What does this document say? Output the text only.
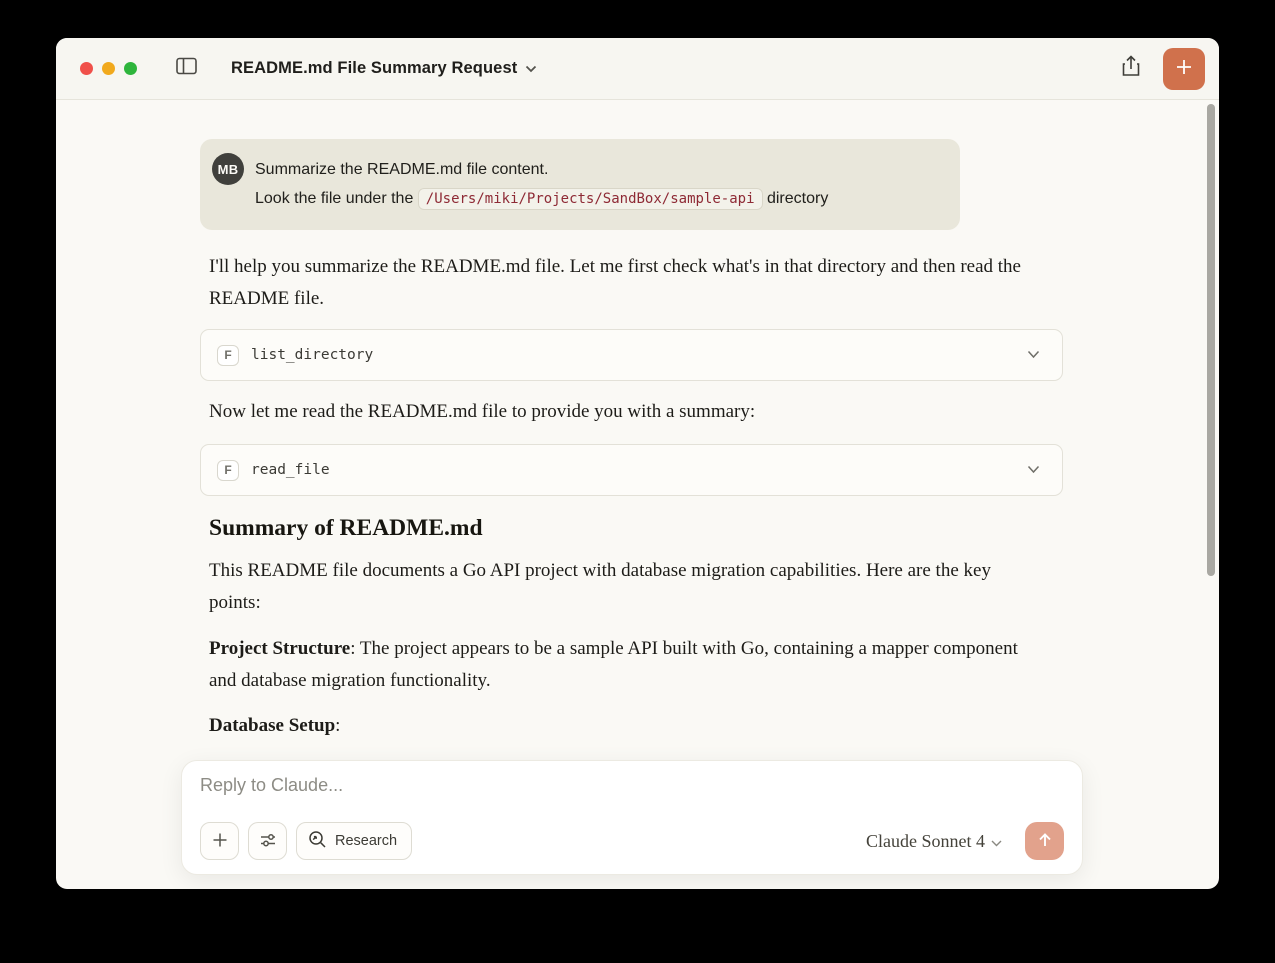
README.md File Summary Request
MB	Summarize the README.md file content.
Look the file under the /Users/miki/Projects/SandBox/sample-api directory

I'll help you summarize the README.md file. Let me first check what's in that directory and then read the README file.

F	list_directory

Now let me read the README.md file to provide you with a summary:

F	read_file
Summary of README.md

This README file documents a Go API project with database migration capabilities. Here are the key points:

Project Structure: The project appears to be a sample API built with Go, containing a mapper component and database migration functionality.

Database Setup:

Reply to Claude...
Research	Claude Sonnet 4
